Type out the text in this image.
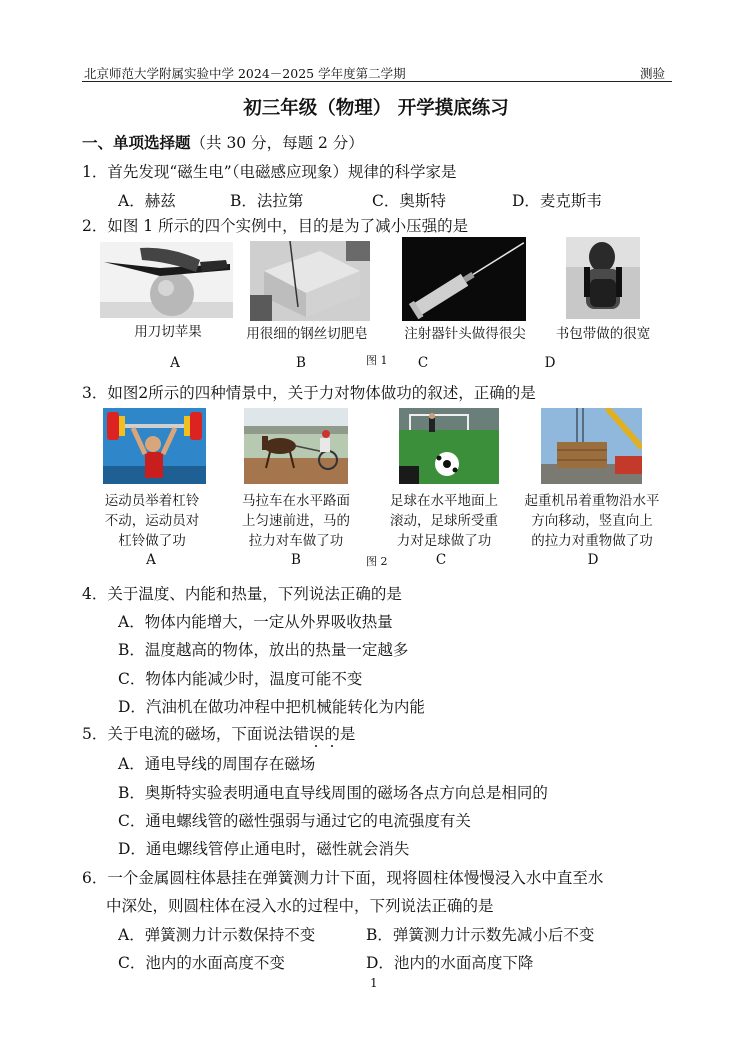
北京师范大学附属实验中学 2024－2025 学年度第二学期	测验
初三年级（物理） 开学摸底练习
一、单项选择题（共 30 分，每题 2 分）
1．首先发现“磁生电”（电磁感应现象）规律的科学家是
A．赫兹	B．法拉第	C．奥斯特	D．麦克斯韦
2．如图 1 所示的四个实例中，目的是为了减小压强的是
用刀切苹果	用很细的钢丝切肥皂	注射器针头做得很尖	书包带做的很宽
A	B	图 1	C	D
3．如图2所示的四种情景中，关于力对物体做功的叙述，正确的是
运动员举着杠铃
不动，运动员对
杠铃做了功
马拉车在水平路面
上匀速前进，马的
拉力对车做了功
足球在水平地面上
滚动，足球所受重
力对足球做了功
起重机吊着重物沿水平
方向移动，竖直向上
的拉力对重物做了功
A	B	图 2	C	D
4．关于温度、内能和热量，下列说法正确的是
A．物体内能增大，一定从外界吸收热量
B．温度越高的物体，放出的热量一定越多
C．物体内能减少时，温度可能不变
D．汽油机在做功冲程中把机械能转化为内能
5．关于电流的磁场，下面说法错误的是
A．通电导线的周围存在磁场
B．奥斯特实验表明通电直导线周围的磁场各点方向总是相同的
C．通电螺线管的磁性强弱与通过它的电流强度有关
D．通电螺线管停止通电时，磁性就会消失
6．一个金属圆柱体悬挂在弹簧测力计下面，现将圆柱体慢慢浸入水中直至水
中深处，则圆柱体在浸入水的过程中，下列说法正确的是
A．弹簧测力计示数保持不变	B．弹簧测力计示数先减小后不变
C．池内的水面高度不变	D．池内的水面高度下降
1
